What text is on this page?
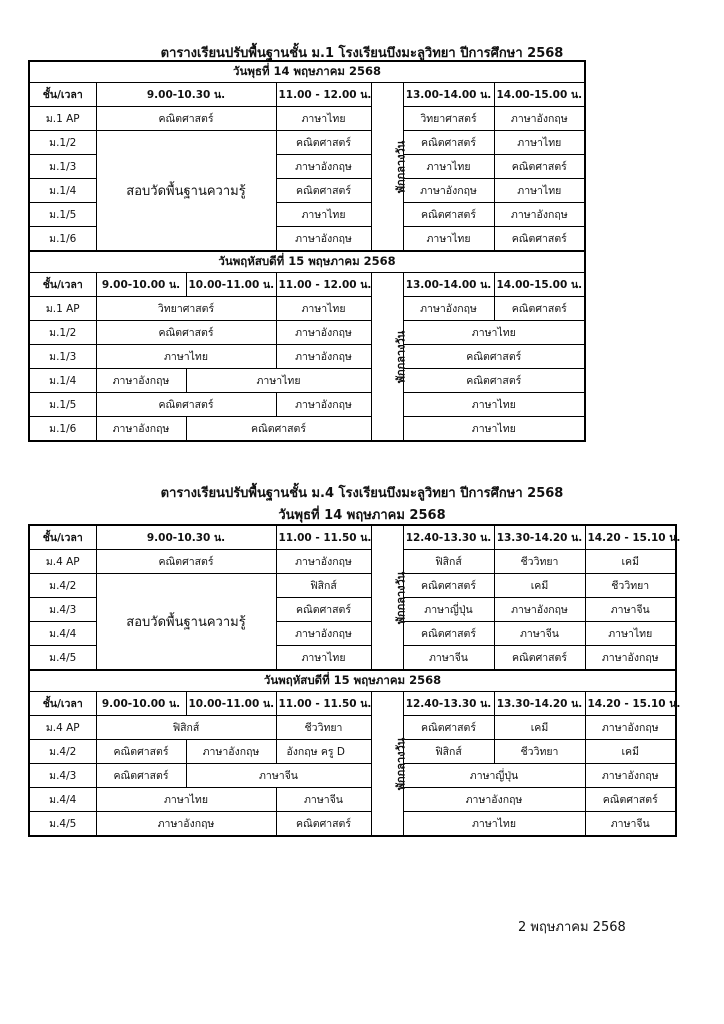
ตารางเรียนปรับพื้นฐานชั้น ม.1 โรงเรียนบึงมะลูวิทยา ปีการศึกษา 2568
วันพุธที่ 14 พฤษภาคม 2568						
ชั้น/เวลา	9.00-10.30 น.		11.00 - 12.00 น.	พักกลางวัน	13.00-14.00 น.	14.00-15.00 น.
ม.1 AP	คณิตศาสตร์		ภาษาไทย		วิทยาศาสตร์	ภาษาอังกฤษ
ม.1/2	สอบวัดพื้นฐานความรู้		คณิตศาสตร์		คณิตศาสตร์	ภาษาไทย
ม.1/3			ภาษาอังกฤษ		ภาษาไทย	คณิตศาสตร์
ม.1/4			คณิตศาสตร์		ภาษาอังกฤษ	ภาษาไทย
ม.1/5			ภาษาไทย		คณิตศาสตร์	ภาษาอังกฤษ
ม.1/6			ภาษาอังกฤษ		ภาษาไทย	คณิตศาสตร์
วันพฤหัสบดีที่ 15 พฤษภาคม 2568						
ชั้น/เวลา	9.00-10.00 น.	10.00-11.00 น.	11.00 - 12.00 น.	พักกลางวัน	13.00-14.00 น.	14.00-15.00 น.
ม.1 AP	วิทยาศาสตร์		ภาษาไทย		ภาษาอังกฤษ	คณิตศาสตร์
ม.1/2	คณิตศาสตร์		ภาษาอังกฤษ		ภาษาไทย	
ม.1/3	ภาษาไทย		ภาษาอังกฤษ		คณิตศาสตร์	
ม.1/4	ภาษาอังกฤษ	ภาษาไทย			คณิตศาสตร์	
ม.1/5	คณิตศาสตร์		ภาษาอังกฤษ		ภาษาไทย	
ม.1/6	ภาษาอังกฤษ	คณิตศาสตร์			ภาษาไทย	
ตารางเรียนปรับพื้นฐานชั้น ม.4 โรงเรียนบึงมะลูวิทยา ปีการศึกษา 2568
วันพุธที่ 14 พฤษภาคม 2568
ชั้น/เวลา	9.00-10.30 น.		11.00 - 11.50 น.	พักกลางวัน	12.40-13.30 น.	13.30-14.20 น.	14.20 - 15.10 น.
ม.4 AP	คณิตศาสตร์		ภาษาอังกฤษ		ฟิสิกส์	ชีววิทยา	เคมี
ม.4/2	สอบวัดพื้นฐานความรู้		ฟิสิกส์		คณิตศาสตร์	เคมี	ชีววิทยา
ม.4/3			คณิตศาสตร์		ภาษาญี่ปุ่น	ภาษาอังกฤษ	ภาษาจีน
ม.4/4			ภาษาอังกฤษ		คณิตศาสตร์	ภาษาจีน	ภาษาไทย
ม.4/5			ภาษาไทย		ภาษาจีน	คณิตศาสตร์	ภาษาอังกฤษ
วันพฤหัสบดีที่ 15 พฤษภาคม 2568							
ชั้น/เวลา	9.00-10.00 น.	10.00-11.00 น.	11.00 - 11.50 น.	พักกลางวัน	12.40-13.30 น.	13.30-14.20 น.	14.20 - 15.10 น.
ม.4 AP	ฟิสิกส์		ชีววิทยา		คณิตศาสตร์	เคมี	ภาษาอังกฤษ
ม.4/2	คณิตศาสตร์	ภาษาอังกฤษ	อังกฤษ ครู D		ฟิสิกส์	ชีววิทยา	เคมี
ม.4/3	คณิตศาสตร์	ภาษาจีน			ภาษาญี่ปุ่น		ภาษาอังกฤษ
ม.4/4	ภาษาไทย		ภาษาจีน		ภาษาอังกฤษ		คณิตศาสตร์
ม.4/5	ภาษาอังกฤษ		คณิตศาสตร์		ภาษาไทย		ภาษาจีน
2 พฤษภาคม 2568
